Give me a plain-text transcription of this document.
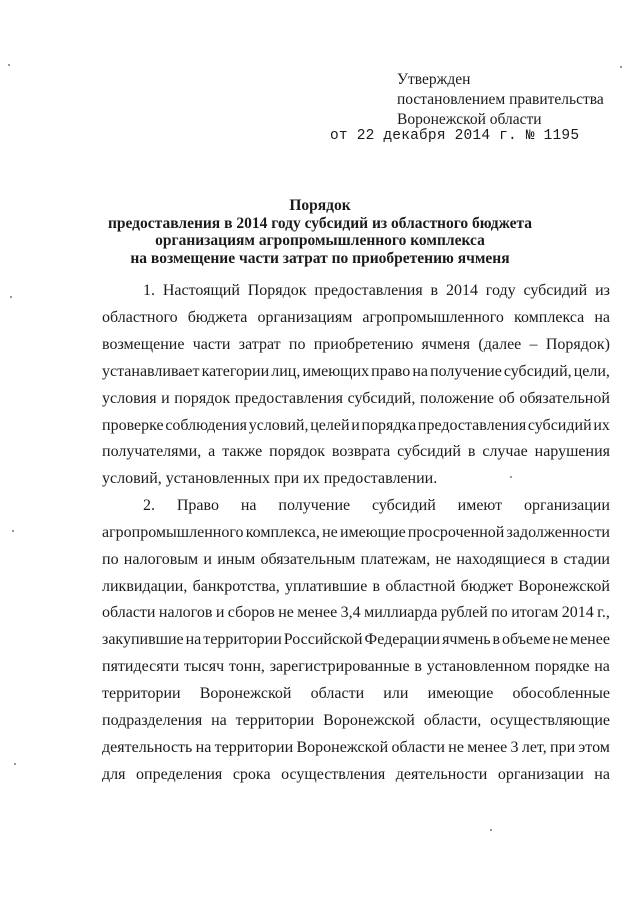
Утвержден
постановлением правительства
Воронежской области
от 22 декабря 2014 г. № 1195
Порядок
предоставления в 2014 году субсидий из областного бюджета
организациям агропромышленного комплекса
на возмещение части затрат по приобретению ячменя
1. Настоящий Порядок предоставления в 2014 году субсидий из
областного бюджета организациям агропромышленного комплекса на
возмещение части затрат по приобретению ячменя (далее – Порядок)
устанавливает категории лиц, имеющих право на получение субсидий, цели,
условия и порядок предоставления субсидий, положение об обязательной
проверке соблюдения условий, целей и порядка предоставления субсидий их
получателями, а также порядок возврата субсидий в случае нарушения
условий, установленных при их предоставлении.
2. Право на получение субсидий имеют организации
агропромышленного комплекса, не имеющие просроченной задолженности
по налоговым и иным обязательным платежам, не находящиеся в стадии
ликвидации, банкротства, уплатившие в областной бюджет Воронежской
области налогов и сборов не менее 3,4 миллиарда рублей по итогам 2014 г.,
закупившие на территории Российской Федерации ячмень в объеме не менее
пятидесяти тысяч тонн, зарегистрированные в установленном порядке на
территории Воронежской области или имеющие обособленные
подразделения на территории Воронежской области, осуществляющие
деятельность на территории Воронежской области не менее 3 лет, при этом
для определения срока осуществления деятельности организации на
